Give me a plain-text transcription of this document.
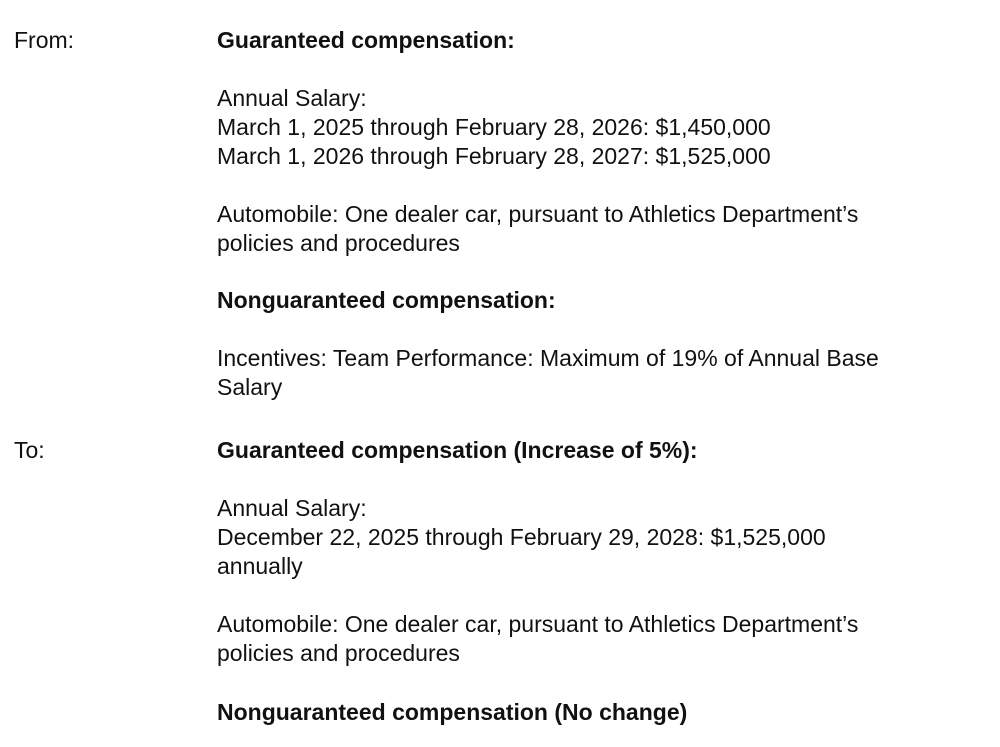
From:	Guaranteed compensation:
Annual Salary:
March 1, 2025 through February 28, 2026: $1,450,000
March 1, 2026 through February 28, 2027: $1,525,000
Automobile: One dealer car, pursuant to Athletics Department’s
policies and procedures
Nonguaranteed compensation:
Incentives: Team Performance: Maximum of 19% of Annual Base
Salary
To:	Guaranteed compensation (Increase of 5%):
Annual Salary:
December 22, 2025 through February 29, 2028: $1,525,000
annually
Automobile: One dealer car, pursuant to Athletics Department’s
policies and procedures
Nonguaranteed compensation (No change)
